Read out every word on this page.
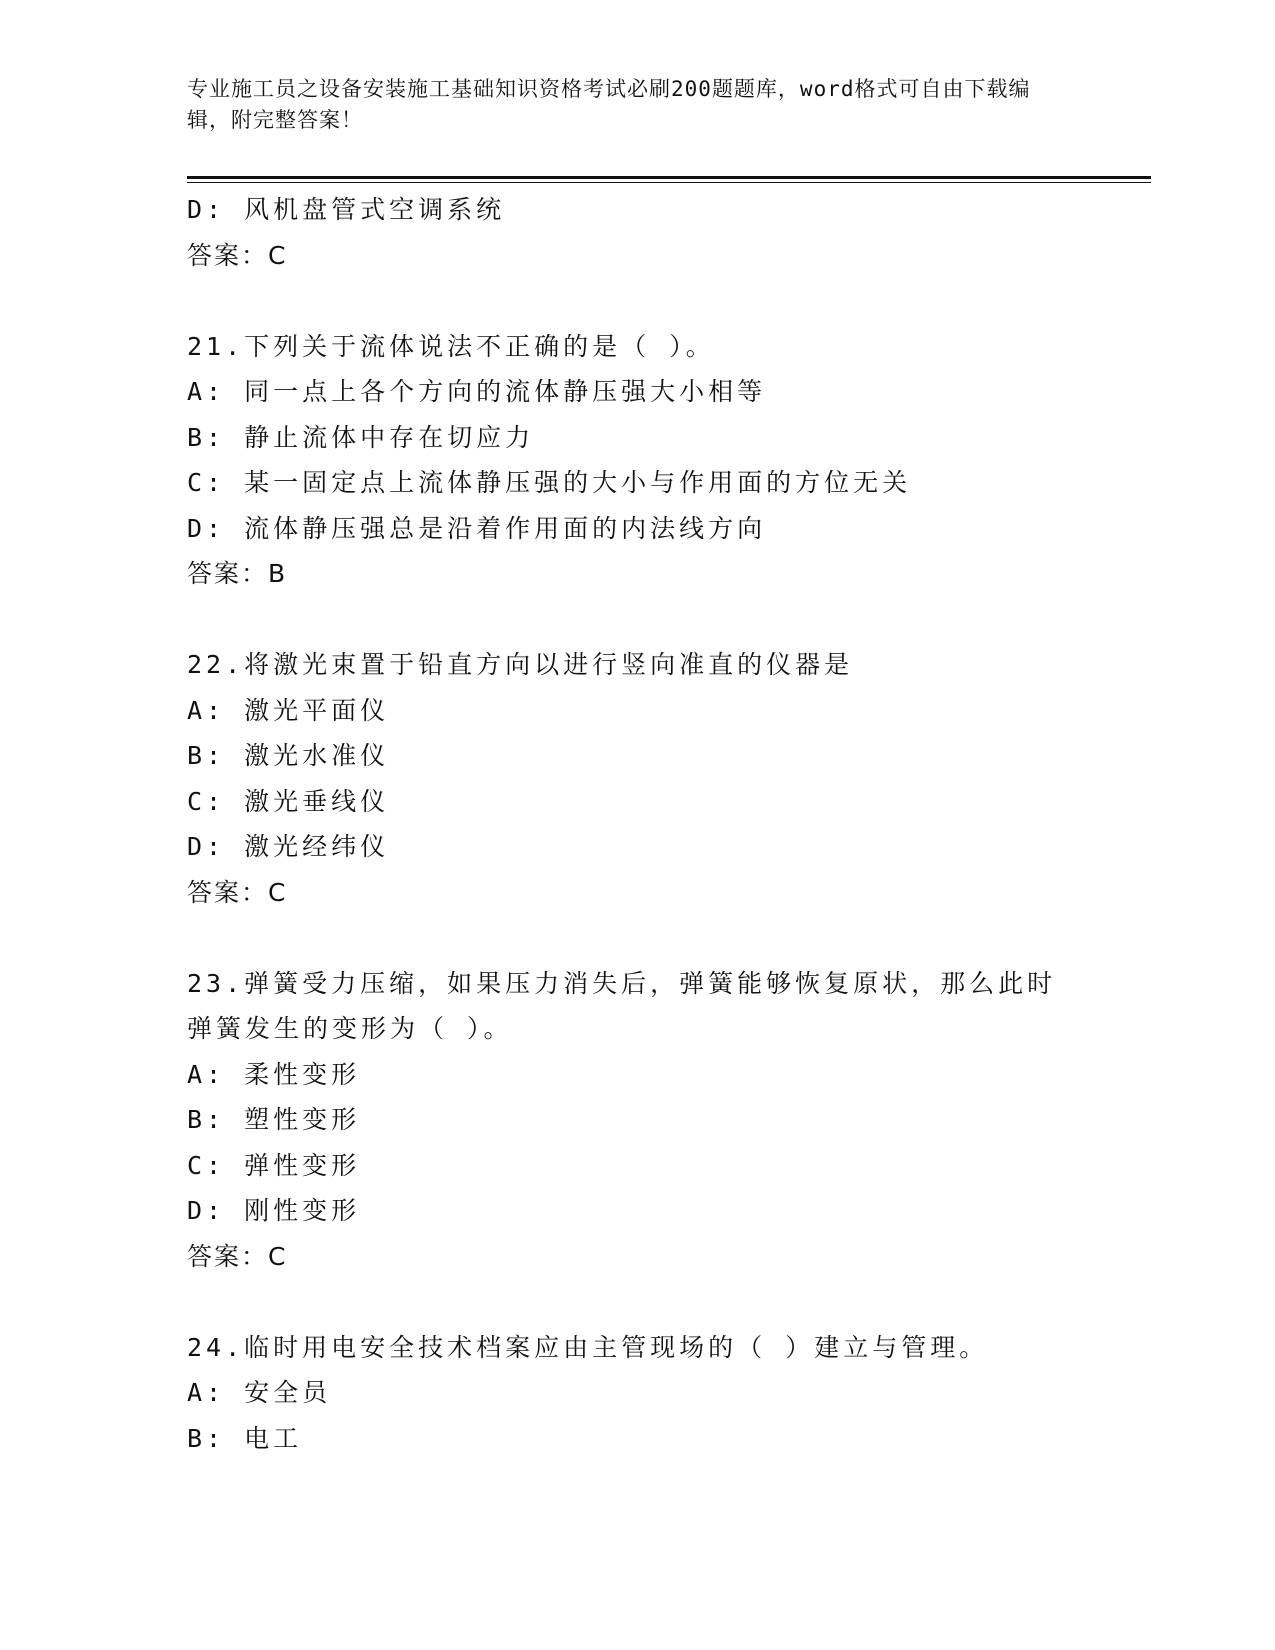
专业施工员之设备安装施工基础知识资格考试必刷200题题库，word格式可自由下载编辑，附完整答案！
D: 风机盘管式空调系统
答案：C
21.下列关于流体说法不正确的是（ ）。
A: 同一点上各个方向的流体静压强大小相等
B: 静止流体中存在切应力
C: 某一固定点上流体静压强的大小与作用面的方位无关
D: 流体静压强总是沿着作用面的内法线方向
答案：B
22.将激光束置于铅直方向以进行竖向准直的仪器是
A: 激光平面仪
B: 激光水准仪
C: 激光垂线仪
D: 激光经纬仪
答案：C
23.弹簧受力压缩，如果压力消失后，弹簧能够恢复原状，那么此时弹簧发生的变形为（ ）。
A: 柔性变形
B: 塑性变形
C: 弹性变形
D: 刚性变形
答案：C
24.临时用电安全技术档案应由主管现场的（ ）建立与管理。
A: 安全员
B: 电工
